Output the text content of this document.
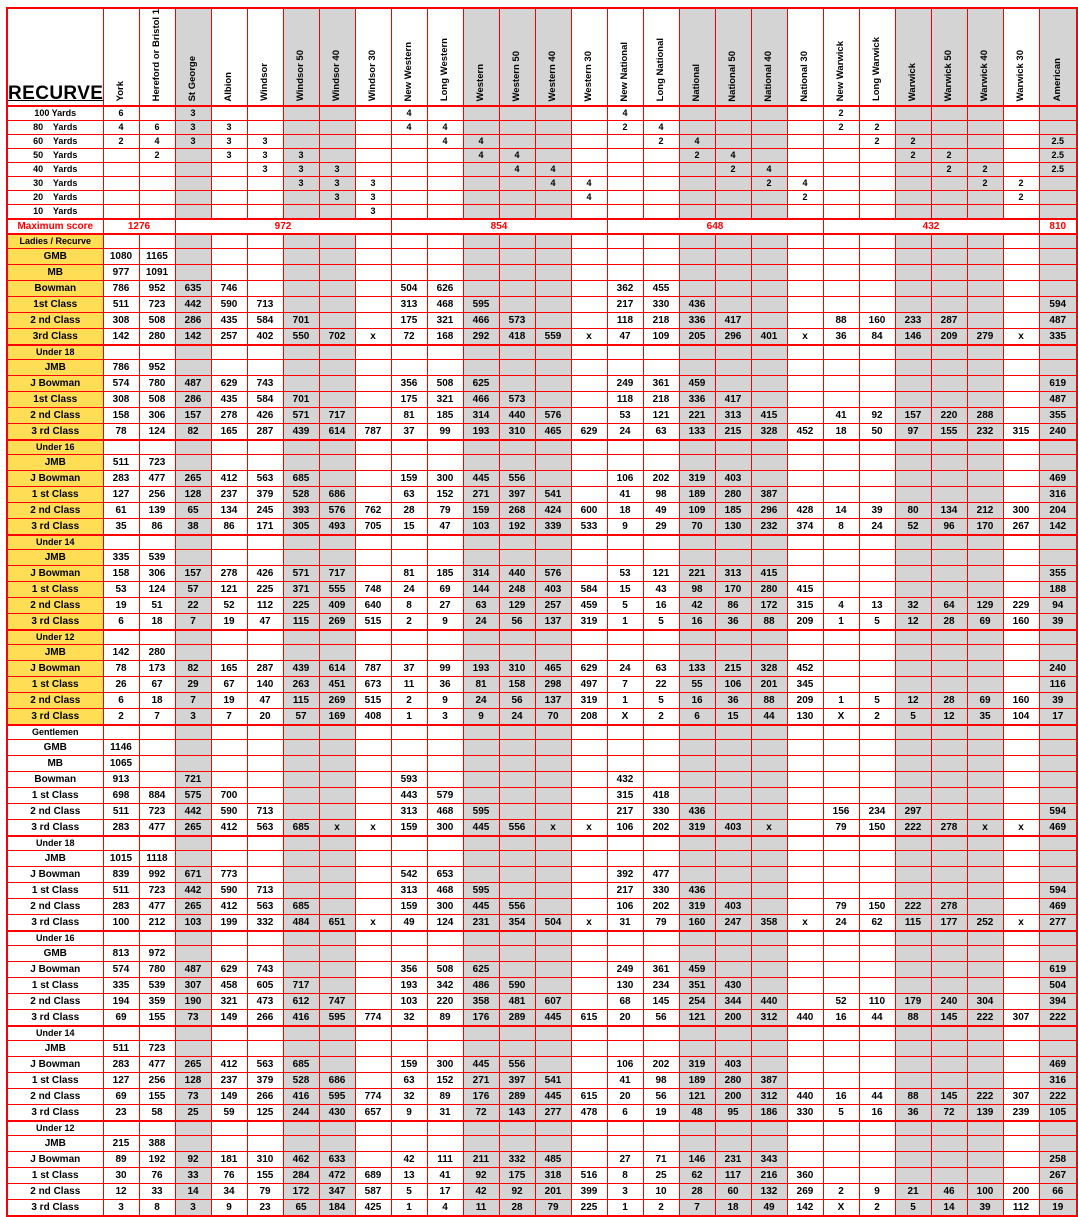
RECURVE	York	Hereford or Bristol 1	St George	Albion	Windsor	Windsor 50	Windsor 40	Windsor 30	New Western	Long Western	Western	Western 50	Western 40	Western 30	New National	Long National	National	National 50	National 40	National 30	New Warwick	Long Warwick	Warwick	Warwick 50	Warwick 40	Warwick 30	American
100 Yards	6		3						4						4						2						
80    Yards	4	6	3	3					4	4					2	4					2	2					
60    Yards	2	4	3	3	3					4	4					2	4					2	2				2.5
50    Yards		2		3	3	3					4	4					2	4					2	2			2.5
40    Yards					3	3	3					4	4					2	4					2	2		2.5
30    Yards						3	3	3					4	4					2	4					2	2	
20    Yards							3	3						4						2						2	
10    Yards								3																			
Maximum score	1276		972						854						648						432						810
Ladies / Recurve																											
GMB	1080	1165																									
MB	977	1091																									
Bowman	786	952	635	746					504	626					362	455											
1st Class	511	723	442	590	713				313	468	595				217	330	436										594
2 nd Class	308	508	286	435	584	701			175	321	466	573			118	218	336	417			88	160	233	287			487
3rd Class	142	280	142	257	402	550	702	x	72	168	292	418	559	x	47	109	205	296	401	x	36	84	146	209	279	x	335
Under 18																											
JMB	786	952																									
J Bowman	574	780	487	629	743				356	508	625				249	361	459										619
1st Class	308	508	286	435	584	701			175	321	466	573			118	218	336	417									487
2 nd Class	158	306	157	278	426	571	717		81	185	314	440	576		53	121	221	313	415		41	92	157	220	288		355
3 rd Class	78	124	82	165	287	439	614	787	37	99	193	310	465	629	24	63	133	215	328	452	18	50	97	155	232	315	240
Under 16																											
JMB	511	723																									
J Bowman	283	477	265	412	563	685			159	300	445	556			106	202	319	403									469
1 st Class	127	256	128	237	379	528	686		63	152	271	397	541		41	98	189	280	387								316
2 nd Class	61	139	65	134	245	393	576	762	28	79	159	268	424	600	18	49	109	185	296	428	14	39	80	134	212	300	204
3 rd Class	35	86	38	86	171	305	493	705	15	47	103	192	339	533	9	29	70	130	232	374	8	24	52	96	170	267	142
Under 14																											
JMB	335	539																									
J Bowman	158	306	157	278	426	571	717		81	185	314	440	576		53	121	221	313	415								355
1 st Class	53	124	57	121	225	371	555	748	24	69	144	248	403	584	15	43	98	170	280	415							188
2 nd Class	19	51	22	52	112	225	409	640	8	27	63	129	257	459	5	16	42	86	172	315	4	13	32	64	129	229	94
3 rd Class	6	18	7	19	47	115	269	515	2	9	24	56	137	319	1	5	16	36	88	209	1	5	12	28	69	160	39
Under 12																											
JMB	142	280																									
J Bowman	78	173	82	165	287	439	614	787	37	99	193	310	465	629	24	63	133	215	328	452							240
1 st Class	26	67	29	67	140	263	451	673	11	36	81	158	298	497	7	22	55	106	201	345							116
2 nd Class	6	18	7	19	47	115	269	515	2	9	24	56	137	319	1	5	16	36	88	209	1	5	12	28	69	160	39
3 rd Class	2	7	3	7	20	57	169	408	1	3	9	24	70	208	X	2	6	15	44	130	X	2	5	12	35	104	17
Gentlemen																											
GMB	1146																										
MB	1065																										
Bowman	913		721						593						432												
1 st Class	698	884	575	700					443	579					315	418											
2 nd Class	511	723	442	590	713				313	468	595				217	330	436				156	234	297				594
3 rd Class	283	477	265	412	563	685	x	x	159	300	445	556	x	x	106	202	319	403	x		79	150	222	278	x	x	469
Under 18																											
JMB	1015	1118																									
J Bowman	839	992	671	773					542	653					392	477											
1 st Class	511	723	442	590	713				313	468	595				217	330	436										594
2 nd Class	283	477	265	412	563	685			159	300	445	556			106	202	319	403			79	150	222	278			469
3 rd Class	100	212	103	199	332	484	651	x	49	124	231	354	504	x	31	79	160	247	358	x	24	62	115	177	252	x	277
Under 16																											
GMB	813	972																									
J Bowman	574	780	487	629	743				356	508	625				249	361	459										619
1 st Class	335	539	307	458	605	717			193	342	486	590			130	234	351	430									504
2 nd Class	194	359	190	321	473	612	747		103	220	358	481	607		68	145	254	344	440		52	110	179	240	304		394
3 rd Class	69	155	73	149	266	416	595	774	32	89	176	289	445	615	20	56	121	200	312	440	16	44	88	145	222	307	222
Under 14																											
JMB	511	723																									
J Bowman	283	477	265	412	563	685			159	300	445	556			106	202	319	403									469
1 st Class	127	256	128	237	379	528	686		63	152	271	397	541		41	98	189	280	387								316
2 nd Class	69	155	73	149	266	416	595	774	32	89	176	289	445	615	20	56	121	200	312	440	16	44	88	145	222	307	222
3 rd Class	23	58	25	59	125	244	430	657	9	31	72	143	277	478	6	19	48	95	186	330	5	16	36	72	139	239	105
Under 12																											
JMB	215	388																									
J Bowman	89	192	92	181	310	462	633		42	111	211	332	485		27	71	146	231	343								258
1 st Class	30	76	33	76	155	284	472	689	13	41	92	175	318	516	8	25	62	117	216	360							267
2 nd Class	12	33	14	34	79	172	347	587	5	17	42	92	201	399	3	10	28	60	132	269	2	9	21	46	100	200	66
3 rd Class	3	8	3	9	23	65	184	425	1	4	11	28	79	225	1	2	7	18	49	142	X	2	5	14	39	112	19
